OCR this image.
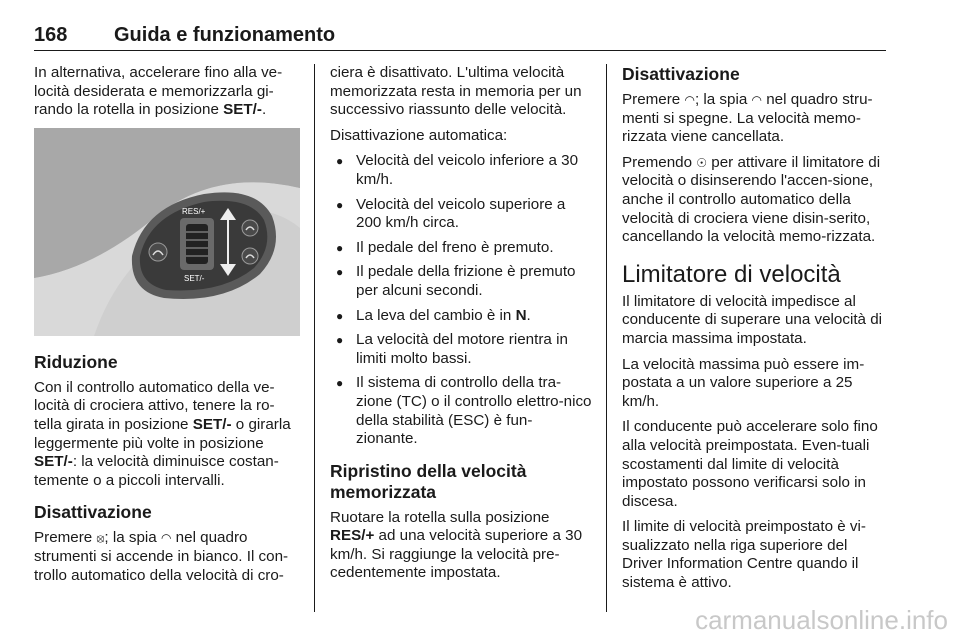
168 Guida e funzionamento

In alternativa, accelerare fino alla ve-locità desiderata e memorizzarla gi-rando la rotella in posizione SET/-.

RES/+
SET/-
Riduzione

Con il controllo automatico della ve-locità di crociera attivo, tenere la ro-tella girata in posizione SET/- o girarla leggermente più volte in posizione SET/-: la velocità diminuisce costan-temente o a piccoli intervalli.

Disattivazione

Premere ⦻; la spia ◠ nel quadro strumenti si accende in bianco. Il con-trollo automatico della velocità di cro-

ciera è disattivato. L'ultima velocità memorizzata resta in memoria per un successivo riassunto delle velocità.

Disattivazione automatica:

● Velocità del veicolo inferiore a 30 km/h.
● Velocità del veicolo superiore a 200 km/h circa.
● Il pedale del freno è premuto.
● Il pedale della frizione è premuto per alcuni secondi.
● La leva del cambio è in N.
● La velocità del motore rientra in limiti molto bassi.
● Il sistema di controllo della tra-zione (TC) o il controllo elettro-nico della stabilità (ESC) è fun-zionante.
Ripristino della velocità memorizzata

Ruotare la rotella sulla posizione RES/+ ad una velocità superiore a 30 km/h. Si raggiunge la velocità pre-cedentemente impostata.

Disattivazione

Premere ◠; la spia ◠ nel quadro stru-menti si spegne. La velocità memo-rizzata viene cancellata.

Premendo ☉ per attivare il limitatore di velocità o disinserendo l'accen-sione, anche il controllo automatico della velocità di crociera viene disin-serito, cancellando la velocità memo-rizzata.

Limitatore di velocità

Il limitatore di velocità impedisce al conducente di superare una velocità di marcia massima impostata.

La velocità massima può essere im-postata a un valore superiore a 25 km/h.

Il conducente può accelerare solo fino alla velocità preimpostata. Even-tuali scostamenti dal limite di velocità impostato possono verificarsi solo in discesa.

Il limite di velocità preimpostato è vi-sualizzato nella riga superiore del Driver Information Centre quando il sistema è attivo.

carmanualsonline.info
